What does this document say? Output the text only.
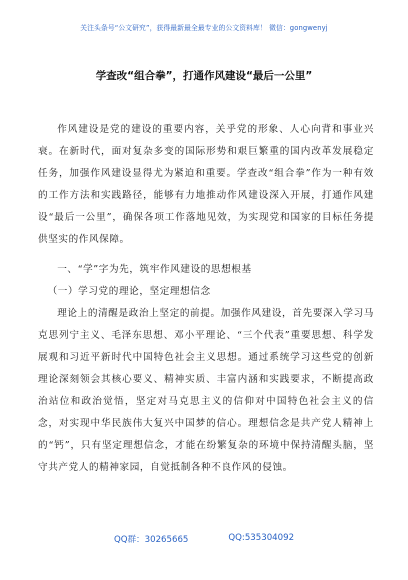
关注头条号“公文研究”，获得最新最全最专业的公文资料库！ 微信：gongwenyj
学查改“组合拳”，打通作风建设“最后一公里”

作风建设是党的建设的重要内容，关乎党的形象、人心向背和事业兴衰。在新时代，面对复杂多变的国际形势和艰巨繁重的国内改革发展稳定任务，加强作风建设显得尤为紧迫和重要。学查改“组合拳”作为一种有效的工作方法和实践路径，能够有力地推动作风建设深入开展，打通作风建设“最后一公里”，确保各项工作落地见效，为实现党和国家的目标任务提供坚实的作风保障。

一、“学”字为先，筑牢作风建设的思想根基

（一）学习党的理论，坚定理想信念

理论上的清醒是政治上坚定的前提。加强作风建设，首先要深入学习马克思列宁主义、毛泽东思想、邓小平理论、“三个代表”重要思想、科学发展观和习近平新时代中国特色社会主义思想。通过系统学习这些党的创新理论深刻领会其核心要义、精神实质、丰富内涵和实践要求，不断提高政治站位和政治觉悟，坚定对马克思主义的信仰对中国特色社会主义的信念，对实现中华民族伟大复兴中国梦的信心。理想信念是共产党人精神上的“钙”，只有坚定理想信念，才能在纷繁复杂的环境中保持清醒头脑，坚守共产党人的精神家园，自觉抵制各种不良作风的侵蚀。

QQ群：30265665	QQ:535304092
